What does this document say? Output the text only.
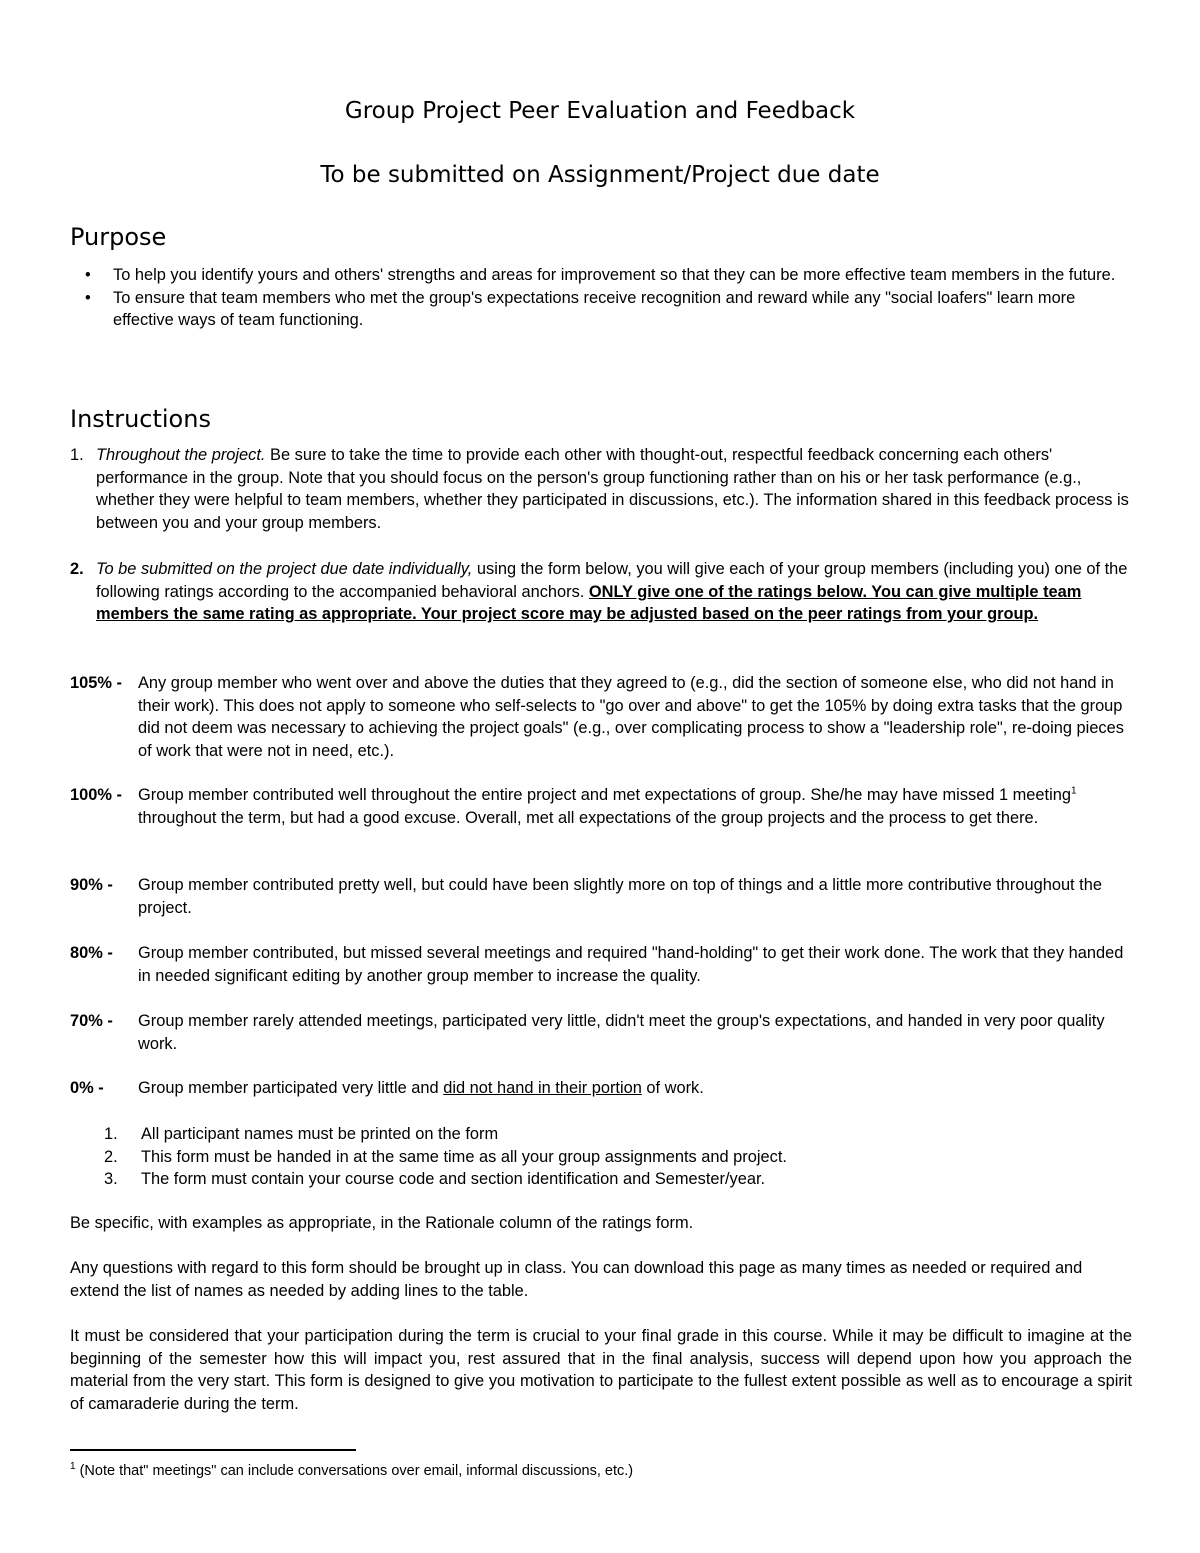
Group Project Peer Evaluation and Feedback
To be submitted on Assignment/Project due date
Purpose
• To help you identify yours and others' strengths and areas for improvement so that they can be more effective team members in the future.
• To ensure that team members who met the group's expectations receive recognition and reward while any "social loafers" learn more effective ways of team functioning.
Instructions
1. Throughout the project. Be sure to take the time to provide each other with thought-out, respectful feedback concerning each others' performance in the group. Note that you should focus on the person's group functioning rather than on his or her task performance (e.g., whether they were helpful to team members, whether they participated in discussions, etc.). The information shared in this feedback process is between you and your group members.
2. To be submitted on the project due date individually, using the form below, you will give each of your group members (including you) one of the following ratings according to the accompanied behavioral anchors. ONLY give one of the ratings below. You can give multiple team members the same rating as appropriate. Your project score may be adjusted based on the peer ratings from your group.
105% - Any group member who went over and above the duties that they agreed to (e.g., did the section of someone else, who did not hand in their work). This does not apply to someone who self-selects to "go over and above" to get the 105% by doing extra tasks that the group did not deem was necessary to achieving the project goals" (e.g., over complicating process to show a "leadership role", re-doing pieces of work that were not in need, etc.).
100% - Group member contributed well throughout the entire project and met expectations of group. She/he may have missed 1 meeting$^1$ throughout the term, but had a good excuse. Overall, met all expectations of the group projects and the process to get there.
90% - Group member contributed pretty well, but could have been slightly more on top of things and a little more contributive throughout the project.
80% - Group member contributed, but missed several meetings and required "hand-holding" to get their work done. The work that they handed in needed significant editing by another group member to increase the quality.
70% - Group member rarely attended meetings, participated very little, didn't meet the group's expectations, and handed in very poor quality work.
0% - Group member participated very little and did not hand in their portion of work.
1. All participant names must be printed on the form
2. This form must be handed in at the same time as all your group assignments and project.
3. The form must contain your course code and section identification and Semester/year.
Be specific, with examples as appropriate, in the Rationale column of the ratings form.
Any questions with regard to this form should be brought up in class. You can download this page as many times as needed or required and extend the list of names as needed by adding lines to the table.
It must be considered that your participation during the term is crucial to your final grade in this course. While it may be difficult to imagine at the beginning of the semester how this will impact you, rest assured that in the final analysis, success will depend upon how you approach the material from the very start. This form is designed to give you motivation to participate to the fullest extent possible as well as to encourage a spirit of camaraderie during the term.
$^1$ (Note that" meetings" can include conversations over email, informal discussions, etc.)
